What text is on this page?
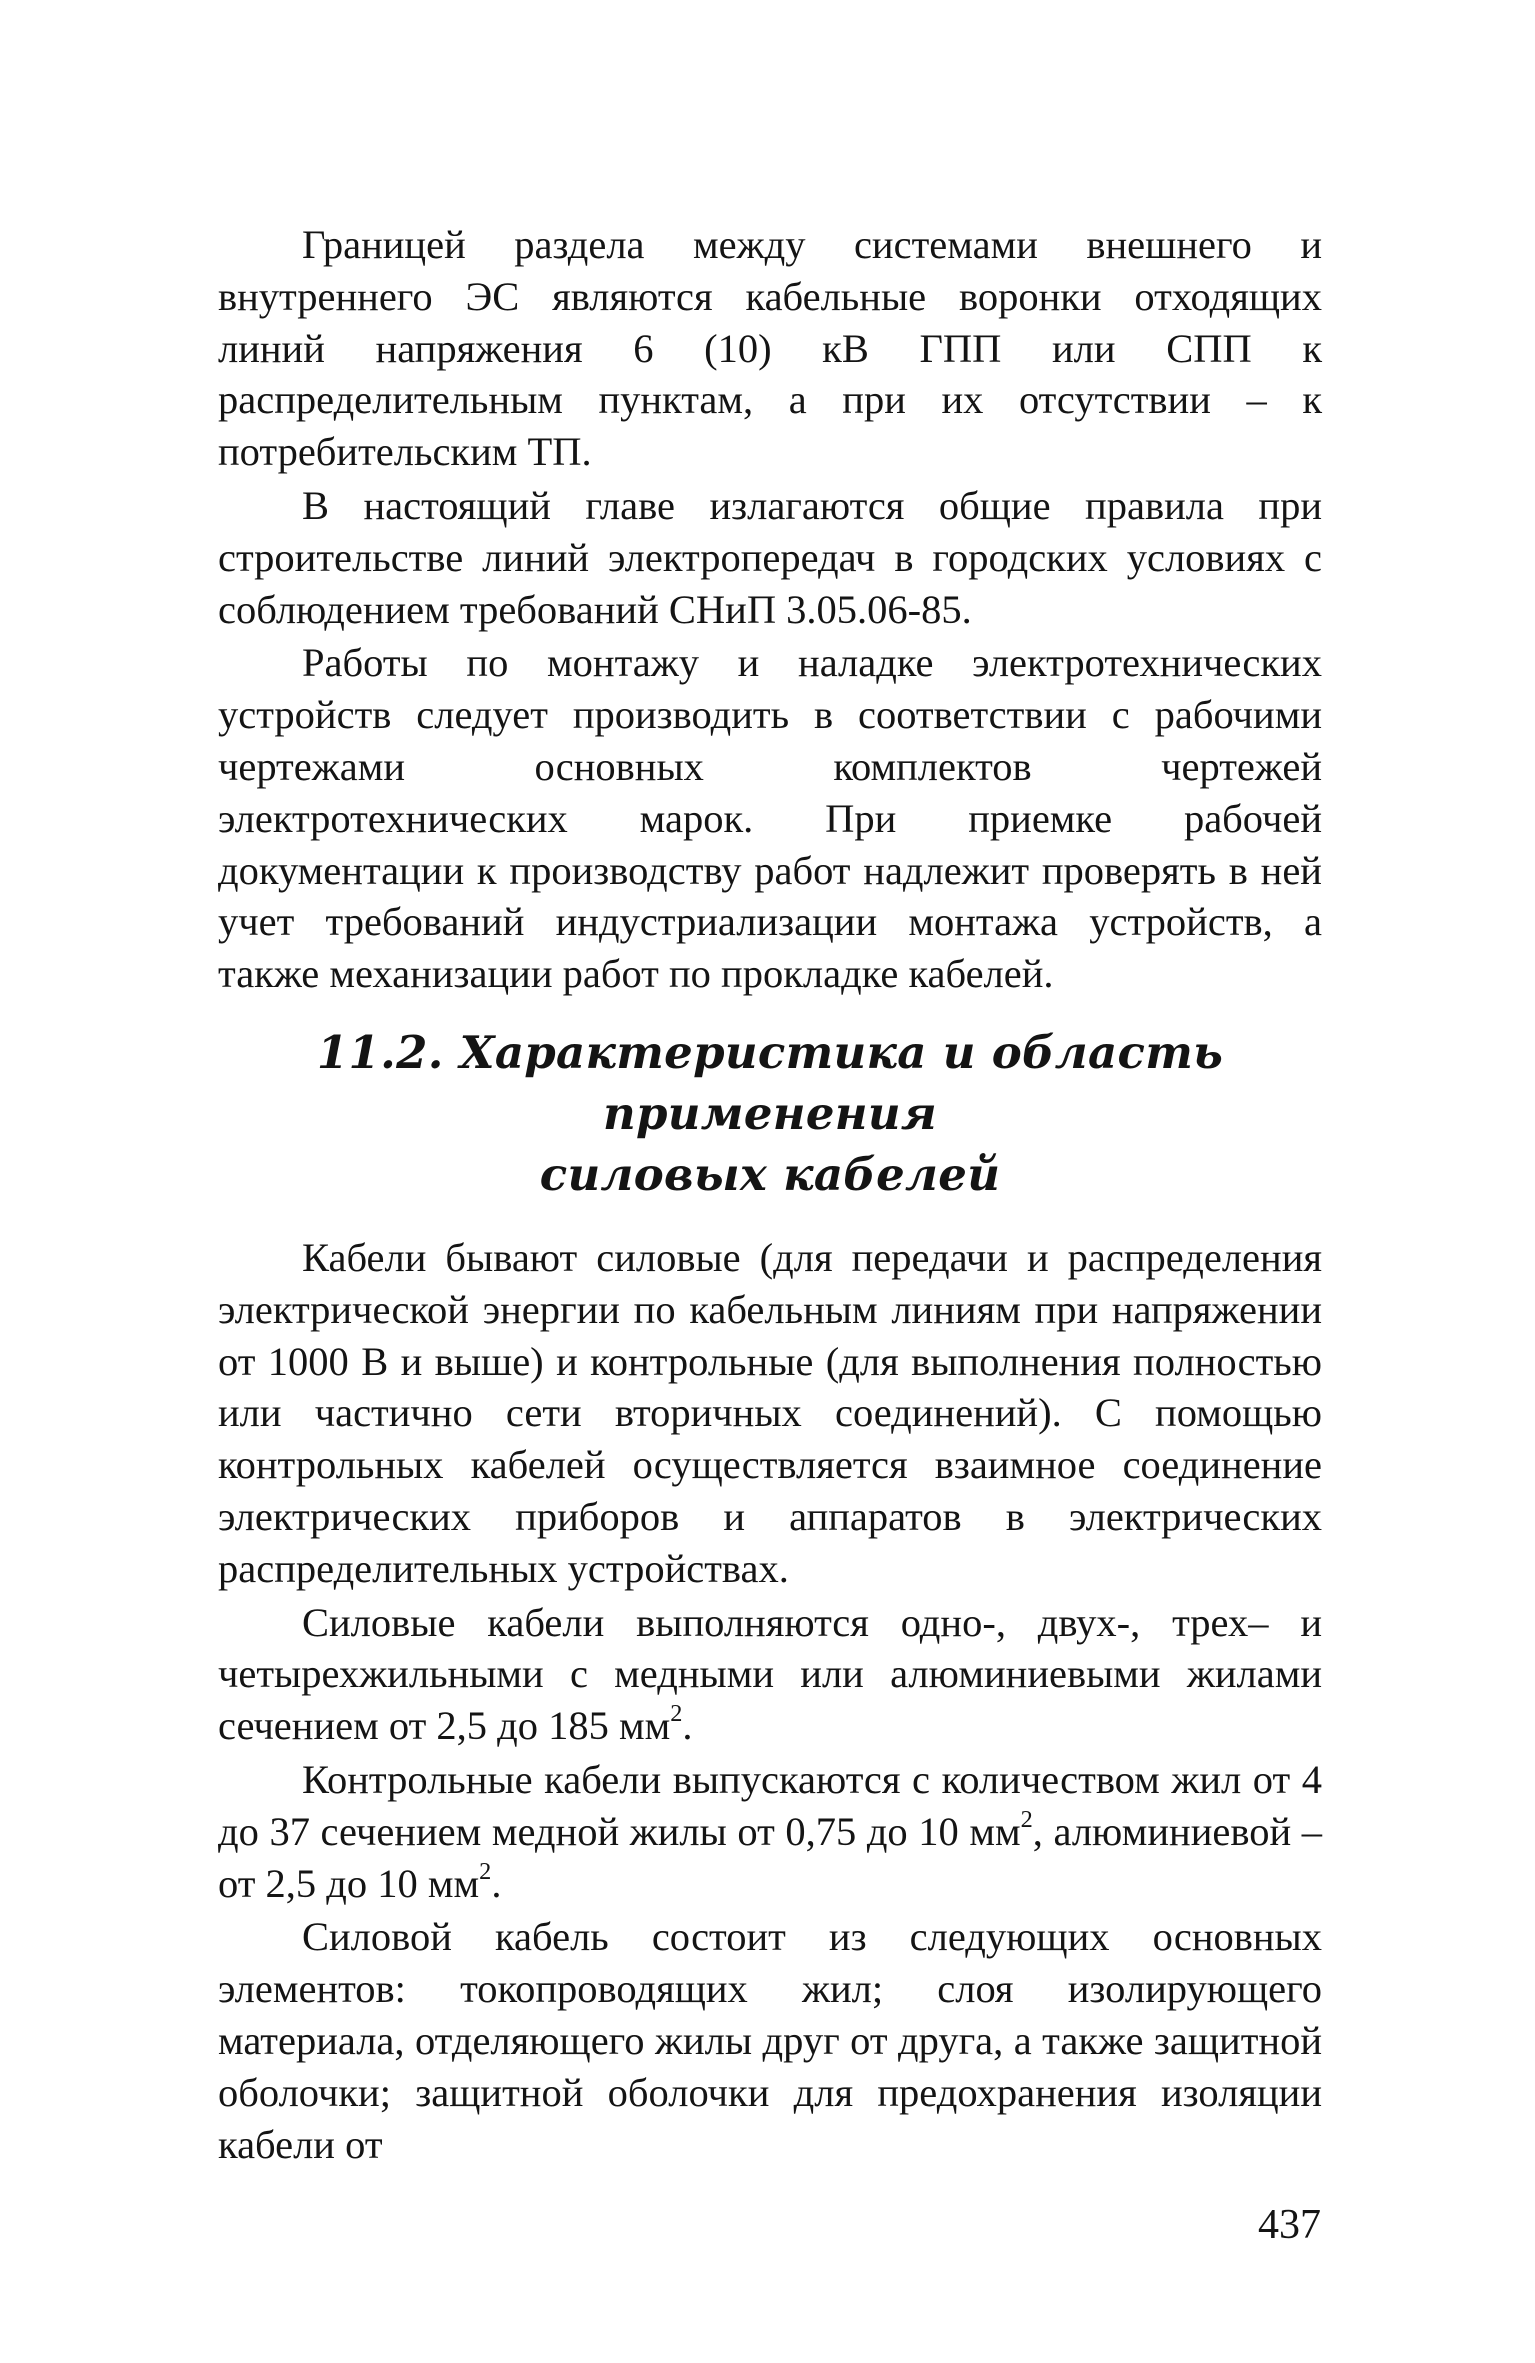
Границей раздела между системами внешнего и внутреннего ЭС являются кабельные воронки отходящих линий напряжения 6 (10) кВ ГПП или СПП к распределительным пунктам, а при их отсутствии – к потребительским ТП.

В настоящий главе излагаются общие правила при строительстве линий электропередач в городских условиях с соблюдением требований СНиП 3.05.06-85.

Работы по монтажу и наладке электротехнических устройств следует производить в соответствии с рабочими чертежами основных комплектов чертежей электротехнических марок. При приемке рабочей документации к производству работ надлежит проверять в ней учет требований индустриализации монтажа устройств, а также механизации работ по прокладке кабелей.

11.2. Характеристика и область применения
силовых кабелей

Кабели бывают силовые (для передачи и распределения электрической энергии по кабельным линиям при напряжении от 1000 В и выше) и контрольные (для выполнения полностью или частично сети вторичных соединений). С помощью контрольных кабелей осуществляется взаимное соединение электрических приборов и аппаратов в электрических распределительных устройствах.

Силовые кабели выполняются одно-, двух-, трех– и четырехжильными с медными или алюминиевыми жилами сечением от 2,5 до 185 $мм^2$.

Контрольные кабели выпускаются с количеством жил от 4 до 37 сечением медной жилы от 0,75 до 10 $мм^2$, алюминиевой – от 2,5 до 10 $мм^2$.

Силовой кабель состоит из следующих основных элементов: токопроводящих жил; слоя изолирующего материала, отделяющего жилы друг от друга, а также защитной оболочки; защитной оболочки для предохранения изоляции кабели от

437
